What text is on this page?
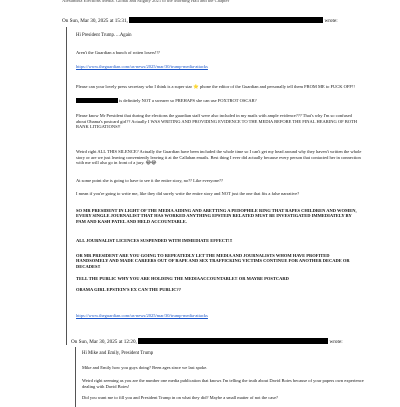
Alexandria Elections Media. Global and Mighty 2021 to the Morning Hall and the Chapter
On Sun, Mar 30, 2025 at 15:31,	wrote:

Hi President Trump….Again

Aren't the Guardian a bunch of rotten losers!!?

https://www.theguardian.com/us-news/2025/mar/30/trump-media-attacks

Please can your lovely press secretary who I think is a super star ⭐ phone the editor of the Guardian and personally tell them FROM ME to FUCK OFF!!

is definitely NOT a swearer so PREHAPS she can use FOXTROT OSCAR?

Please know Mr President that during the elections the guardian staff were also included in my mails with ample evidence??? That's why I'm so confused about Obama's postcard girl?? Actually I WAS WRITING AND PROVIDING EVIDENCE TO THE MEDIA BEFORE THE FINAL HEARING OF BOTH RANK LITIGATIONS!!

Weird right ALL THIS SILENCE? Actually the Guardian have been included the whole time so I can't get my head around why they haven't written the whole story or are we just leaving conveniently leaving it at the Callahan emails. Best thing I ever did actually because every person that contacted her in connection with me will also go in front of a jury. 😂😂

At some point she is going to have to see it the entire story, no?? Like everyone??

I mean if you're going to write me, like they did surely write the entire story and NOT just the one that fits a false narrative?

SO MR PRESIDENT IN LIGHT OF THE MEDIA AIDING AND ABETTING A PEDOPHILE RING THAT RAPES CHILDREN AND WOMEN, EVERY SINGLE JOURNALIST THAT HAS WORKED ANYTHING EPSTEIN RELATED MUST BE INVESTIGATED IMMEDIATELY BY PAM AND KASH PATEL AND HELD ACCOUNTABLE.

ALL JOURNALIST LICENCES SUSPENDED WITH IMMEDIATE EFFECT!!!

OR MR PRESIDENT ARE YOU GOING TO REPEATEDLY LET THE MEDIA AND JOURNALISTS WHOM HAVE PROFITED HANDSOMELY AND MADE CAREERS OUT OF RAPE AND SEX TRAFFICKING VICTIMS CONTINUE FOR ANOTHER DECADE OR DECADES!!

TELL THE PUBLIC WHY YOU ARE HOLDING THE MEDIAACCOUNTABLE!! OR MAYBE POSTCARD

OBAMA GIRL EPSTEIN'S EX CAN THE PUBLIC??

https://www.theguardian.com/us-news/2025/mar/30/trump-media-attacks

On Sun, Mar 30, 2025 at 12:20,	wrote:

Hi Mike and Emily, President Trump

Mike and Emily how you guys doing? Been ages since we last spoke.

Weird right seeming as you are the number one media publication that knows I'm telling the truth about David Boies because of your papers own experience dealing with David Boies!

Did you want me to fill you and President Trump in on what they did? Maybe a small matter of not the case?
